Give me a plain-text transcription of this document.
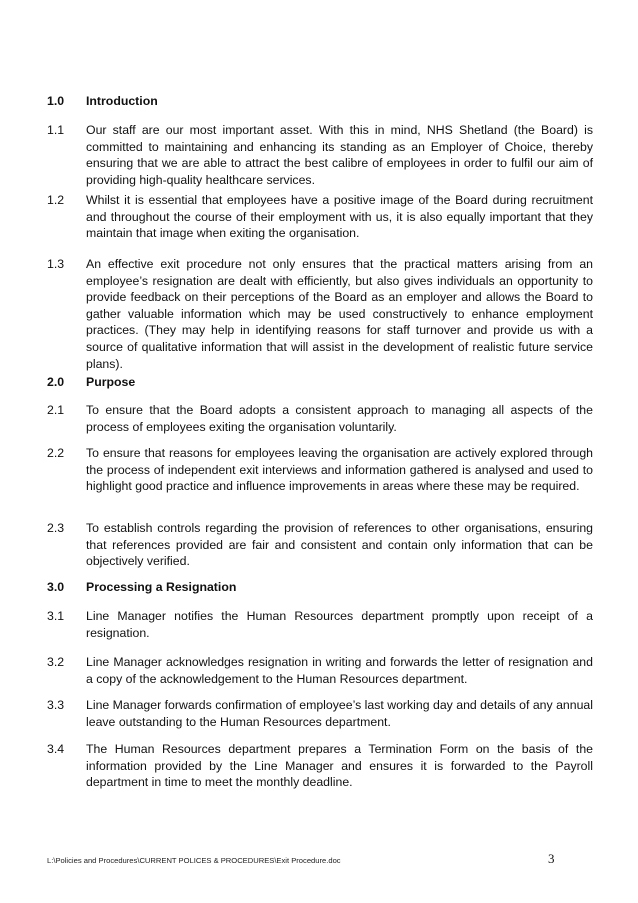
1.0 Introduction
1.1 Our staff are our most important asset. With this in mind, NHS Shetland (the Board) is committed to maintaining and enhancing its standing as an Employer of Choice, thereby ensuring that we are able to attract the best calibre of employees in order to fulfil our aim of providing high-quality healthcare services.
1.2 Whilst it is essential that employees have a positive image of the Board during recruitment and throughout the course of their employment with us, it is also equally important that they maintain that image when exiting the organisation.
1.3 An effective exit procedure not only ensures that the practical matters arising from an employee’s resignation are dealt with efficiently, but also gives individuals an opportunity to provide feedback on their perceptions of the Board as an employer and allows the Board to gather valuable information which may be used constructively to enhance employment practices. (They may help in identifying reasons for staff turnover and provide us with a source of qualitative information that will assist in the development of realistic future service plans).
2.0 Purpose
2.1 To ensure that the Board adopts a consistent approach to managing all aspects of the process of employees exiting the organisation voluntarily.
2.2 To ensure that reasons for employees leaving the organisation are actively explored through the process of independent exit interviews and information gathered is analysed and used to highlight good practice and influence improvements in areas where these may be required.
2.3 To establish controls regarding the provision of references to other organisations, ensuring that references provided are fair and consistent and contain only information that can be objectively verified.
3.0 Processing a Resignation
3.1 Line Manager notifies the Human Resources department promptly upon receipt of a resignation.
3.2 Line Manager acknowledges resignation in writing and forwards the letter of resignation and a copy of the acknowledgement to the Human Resources department.
3.3 Line Manager forwards confirmation of employee’s last working day and details of any annual leave outstanding to the Human Resources department.
3.4 The Human Resources department prepares a Termination Form on the basis of the information provided by the Line Manager and ensures it is forwarded to the Payroll department in time to meet the monthly deadline.
L:\Policies and Procedures\CURRENT POLICES & PROCEDURES\Exit Procedure.doc	3
